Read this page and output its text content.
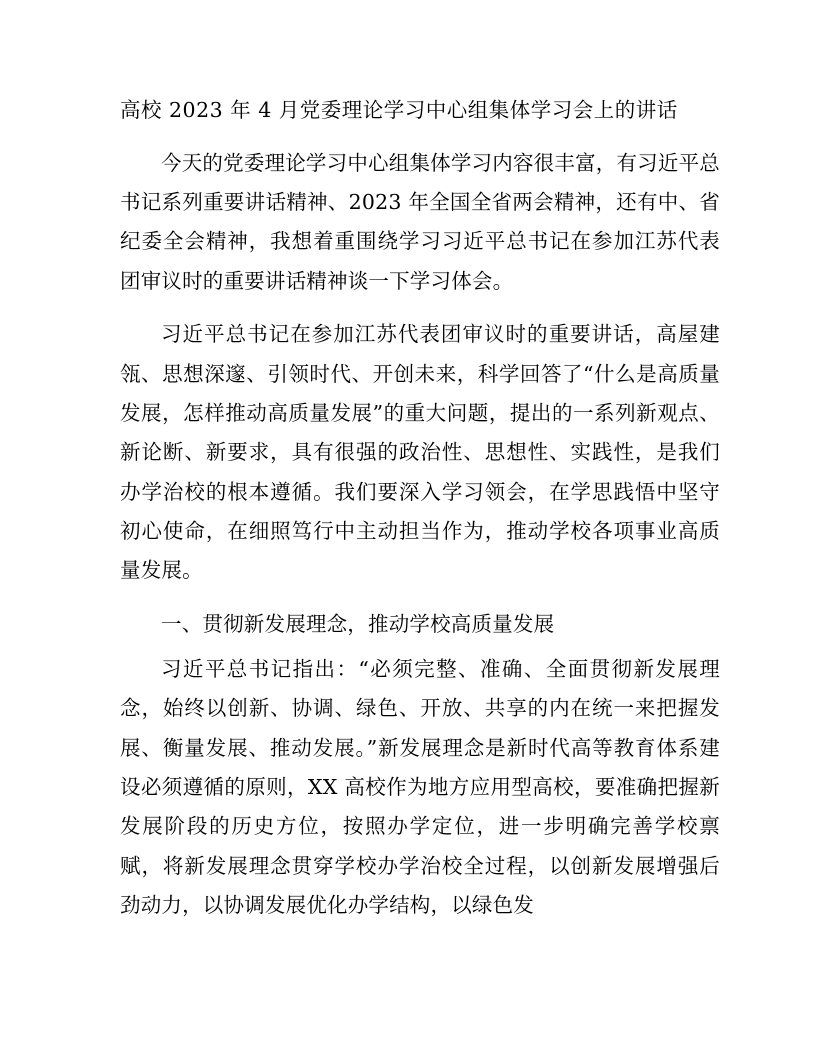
高校 2023 年 4 月党委理论学习中心组集体学习会上的讲话

今天的党委理论学习中心组集体学习内容很丰富，有习近平总书记系列重要讲话精神、2023 年全国全省两会精神，还有中、省纪委全会精神，我想着重围绕学习习近平总书记在参加江苏代表团审议时的重要讲话精神谈一下学习体会。

习近平总书记在参加江苏代表团审议时的重要讲话，高屋建瓴、思想深邃、引领时代、开创未来，科学回答了“什么是高质量发展，怎样推动高质量发展”的重大问题，提出的一系列新观点、新论断、新要求，具有很强的政治性、思想性、实践性，是我们办学治校的根本遵循。我们要深入学习领会，在学思践悟中坚守初心使命，在细照笃行中主动担当作为，推动学校各项事业高质量发展。

一、贯彻新发展理念，推动学校高质量发展

习近平总书记指出：“必须完整、准确、全面贯彻新发展理念，始终以创新、协调、绿色、开放、共享的内在统一来把握发展、衡量发展、推动发展。”新发展理念是新时代高等教育体系建设必须遵循的原则，XX 高校作为地方应用型高校，要准确把握新发展阶段的历史方位，按照办学定位，进一步明确完善学校禀赋，将新发展理念贯穿学校办学治校全过程，以创新发展增强后劲动力，以协调发展优化办学结构，以绿色发
